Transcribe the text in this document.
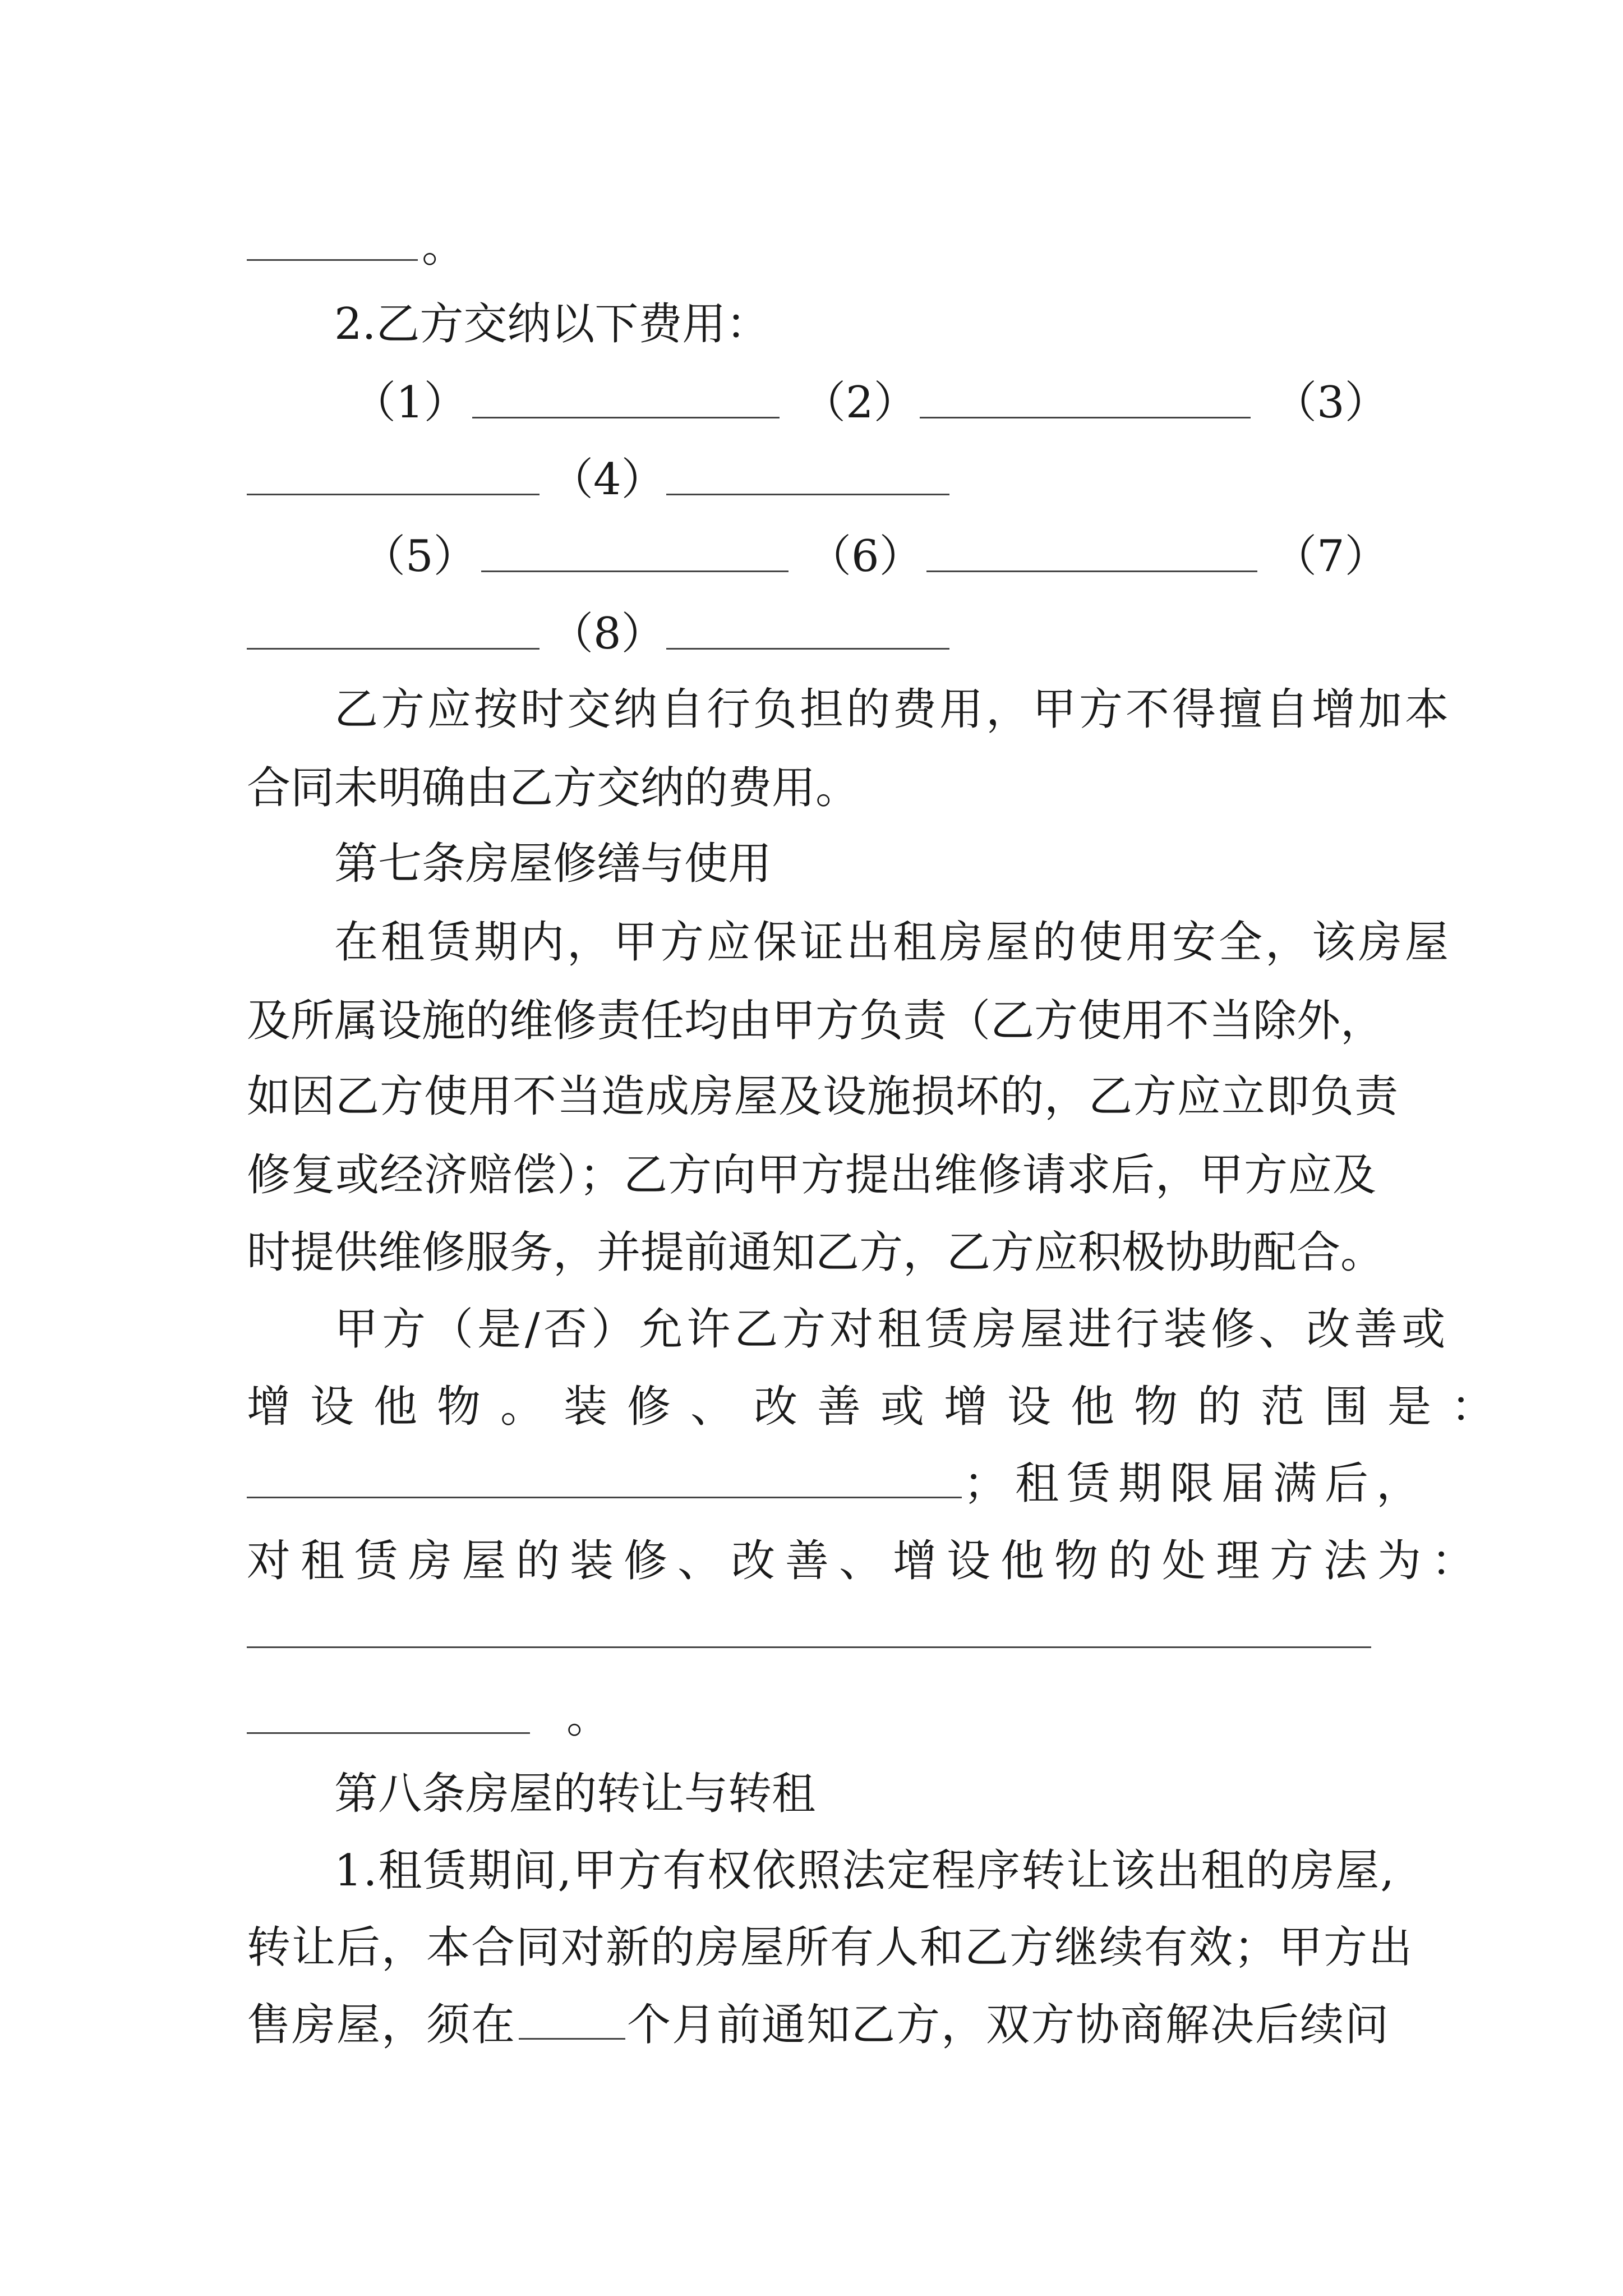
。
2.乙方交纳以下费用：
（1）	（2）	（3）
（4）
（5）	（6）	（7）
（8）
乙方应按时交纳自行负担的费用，甲方不得擅自增加本
合同未明确由乙方交纳的费用。
第七条房屋修缮与使用
在租赁期内，甲方应保证出租房屋的使用安全，该房屋
及所属设施的维修责任均由甲方负责（乙方使用不当除外，
如因乙方使用不当造成房屋及设施损坏的，乙方应立即负责
修复或经济赔偿）；乙方向甲方提出维修请求后，甲方应及
时提供维修服务，并提前通知乙方，乙方应积极协助配合。
甲方（是/否）允许乙方对租赁房屋进行装修、改善或
增设他物。装修、改善或增设他物的范围是：
；租赁期限届满后，
对租赁房屋的装修、改善、增设他物的处理方法为：
。
第八条房屋的转让与转租
1.租赁期间,甲方有权依照法定程序转让该出租的房屋,
转让后，本合同对新的房屋所有人和乙方继续有效；甲方出
售房屋，须在	个月前通知乙方，双方协商解决后续问
